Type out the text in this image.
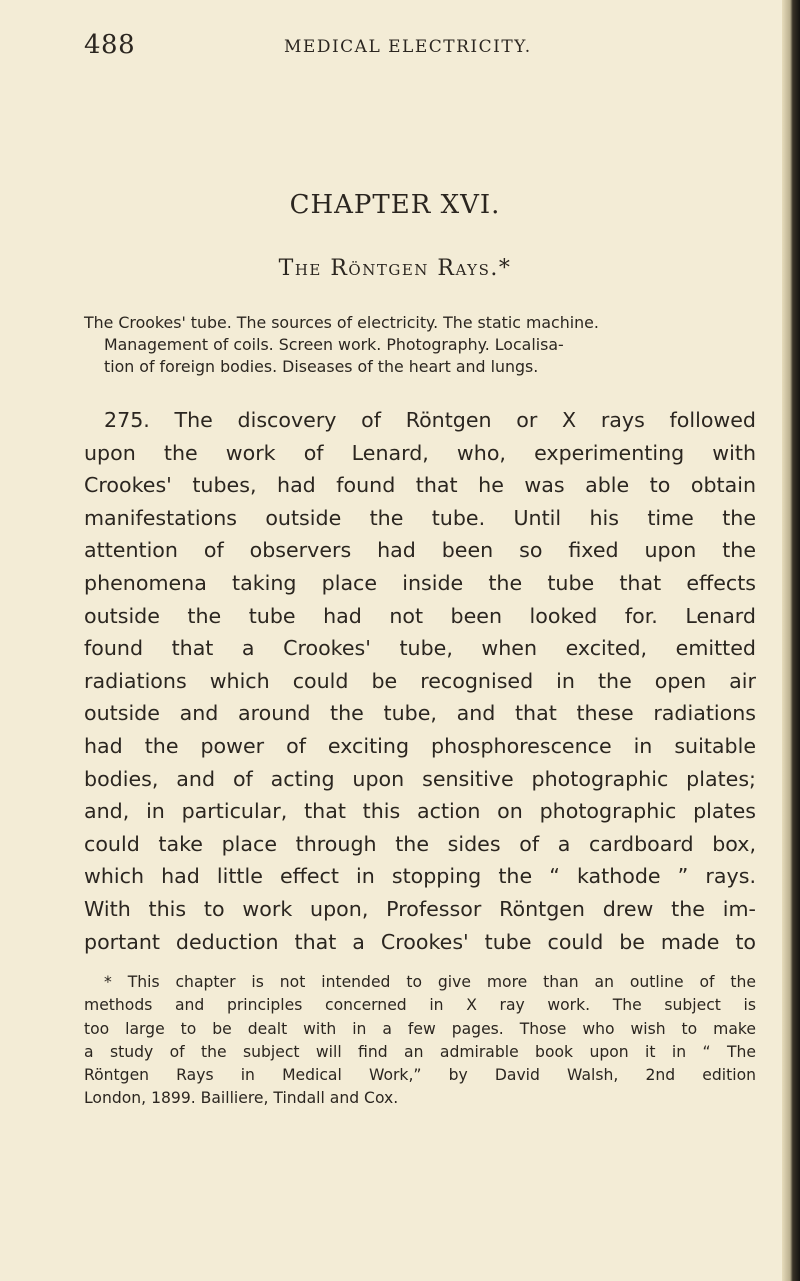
488	MEDICAL ELECTRICITY.
CHAPTER XVI.
The Röntgen Rays.*
The Crookes' tube. The sources of electricity. The static machine.
Management of coils. Screen work. Photography. Localisa-
tion of foreign bodies. Diseases of the heart and lungs.
275. The discovery of Röntgen or X rays followed
upon the work of Lenard, who, experimenting with
Crookes' tubes, had found that he was able to obtain
manifestations outside the tube. Until his time the
attention of observers had been so fixed upon the
phenomena taking place inside the tube that effects
outside the tube had not been looked for. Lenard
found that a Crookes' tube, when excited, emitted
radiations which could be recognised in the open air
outside and around the tube, and that these radiations
had the power of exciting phosphorescence in suitable
bodies, and of acting upon sensitive photographic plates;
and, in particular, that this action on photographic plates
could take place through the sides of a cardboard box,
which had little effect in stopping the “ kathode ” rays.
With this to work upon, Professor Röntgen drew the im-
portant deduction that a Crookes' tube could be made to
* This chapter is not intended to give more than an outline of the
methods and principles concerned in X ray work. The subject is
too large to be dealt with in a few pages. Those who wish to make
a study of the subject will find an admirable book upon it in “ The
Röntgen Rays in Medical Work,” by David Walsh, 2nd edition
London, 1899. Bailliere, Tindall and Cox.
